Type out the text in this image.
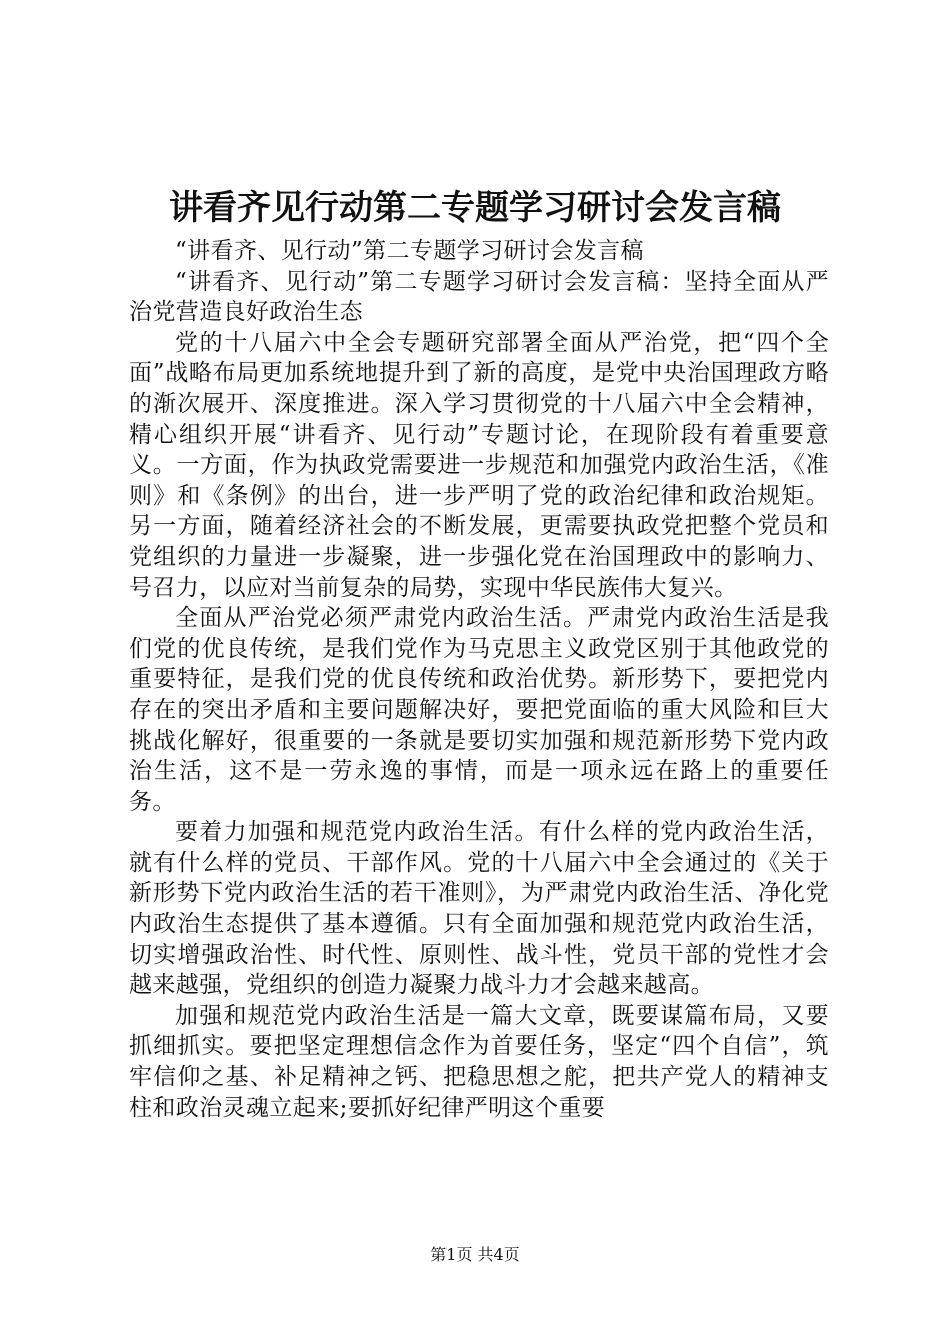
讲看齐见行动第二专题学习研讨会发言稿

“讲看齐、见行动”第二专题学习研讨会发言稿

“讲看齐、见行动”第二专题学习研讨会发言稿：坚持全面从严治党营造良好政治生态

党的十八届六中全会专题研究部署全面从严治党，把“四个全面”战略布局更加系统地提升到了新的高度，是党中央治国理政方略的渐次展开、深度推进。深入学习贯彻党的十八届六中全会精神，精心组织开展“讲看齐、见行动”专题讨论，在现阶段有着重要意义。一方面，作为执政党需要进一步规范和加强党内政治生活，《准则》和《条例》的出台，进一步严明了党的政治纪律和政治规矩。另一方面，随着经济社会的不断发展，更需要执政党把整个党员和党组织的力量进一步凝聚，进一步强化党在治国理政中的影响力、号召力，以应对当前复杂的局势，实现中华民族伟大复兴。

全面从严治党必须严肃党内政治生活。严肃党内政治生活是我们党的优良传统，是我们党作为马克思主义政党区别于其他政党的重要特征，是我们党的优良传统和政治优势。新形势下，要把党内存在的突出矛盾和主要问题解决好，要把党面临的重大风险和巨大挑战化解好，很重要的一条就是要切实加强和规范新形势下党内政治生活，这不是一劳永逸的事情，而是一项永远在路上的重要任务。

要着力加强和规范党内政治生活。有什么样的党内政治生活，就有什么样的党员、干部作风。党的十八届六中全会通过的《关于新形势下党内政治生活的若干准则》，为严肃党内政治生活、净化党内政治生态提供了基本遵循。只有全面加强和规范党内政治生活，切实增强政治性、时代性、原则性、战斗性，党员干部的党性才会越来越强，党组织的创造力凝聚力战斗力才会越来越高。

加强和规范党内政治生活是一篇大文章，既要谋篇布局，又要抓细抓实。要把坚定理想信念作为首要任务，坚定“四个自信”，筑牢信仰之基、补足精神之钙、把稳思想之舵，把共产党人的精神支柱和政治灵魂立起来;要抓好纪律严明这个重要

第1页 共4页
